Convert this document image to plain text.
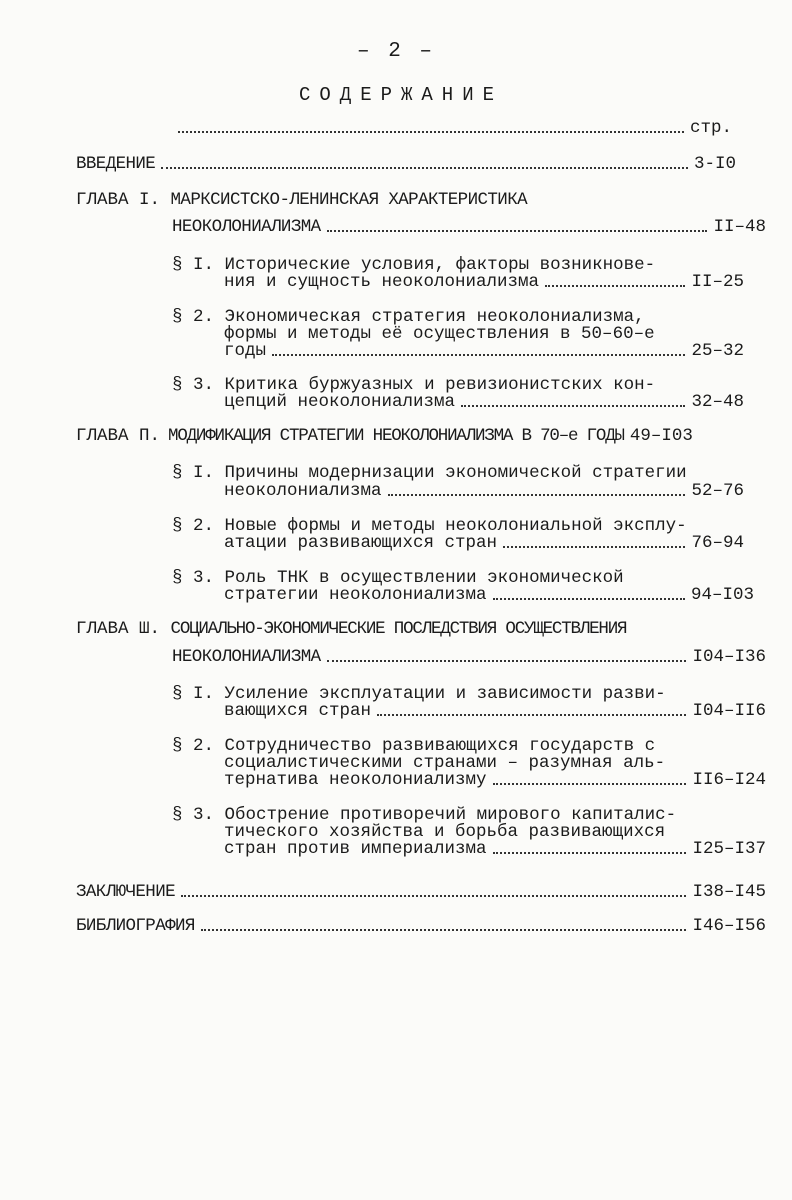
– 2 –
СОДЕРЖАНИЕ
стр.
ВВЕДЕНИЕ	3-I0
ГЛАВА I. МАРКСИСТСКО-ЛЕНИНСКАЯ ХАРАКТЕРИСТИКА
НЕОКОЛОНИАЛИЗМА	II–48
§ I. Исторические условия, факторы возникнове-
ния и сущность неоколониализма	II–25
§ 2. Экономическая стратегия неоколониализма,
формы и методы её осуществления в 50–60–е
годы	25–32
§ 3. Критика буржуазных и ревизионистских кон-
цепций неоколониализма	32–48
ГЛАВА П. МОДИФИКАЦИЯ СТРАТЕГИИ НЕОКОЛОНИАЛИЗМА В 70–е ГОДЫ 49–I03
§ I. Причины модернизации экономической стратегии
неоколониализма	52–76
§ 2. Новые формы и методы неоколониальной эксплу-
атации развивающихся стран	76–94
§ 3. Роль ТНК в осуществлении экономической
стратегии неоколониализма	94–I03
ГЛАВА Ш. СОЦИАЛЬНО-ЭКОНОМИЧЕСКИЕ ПОСЛЕДСТВИЯ ОСУЩЕСТВЛЕНИЯ
НЕОКОЛОНИАЛИЗМА	I04–I36
§ I. Усиление эксплуатации и зависимости разви-
вающихся стран	I04–II6
§ 2. Сотрудничество развивающихся государств с
социалистическими странами – разумная аль-
тернатива неоколониализму	II6–I24
§ 3. Обострение противоречий мирового капиталис-
тического хозяйства и борьба развивающихся
стран против империализма	I25–I37
ЗАКЛЮЧЕНИЕ	I38–I45
БИБЛИОГРАФИЯ	I46–I56
